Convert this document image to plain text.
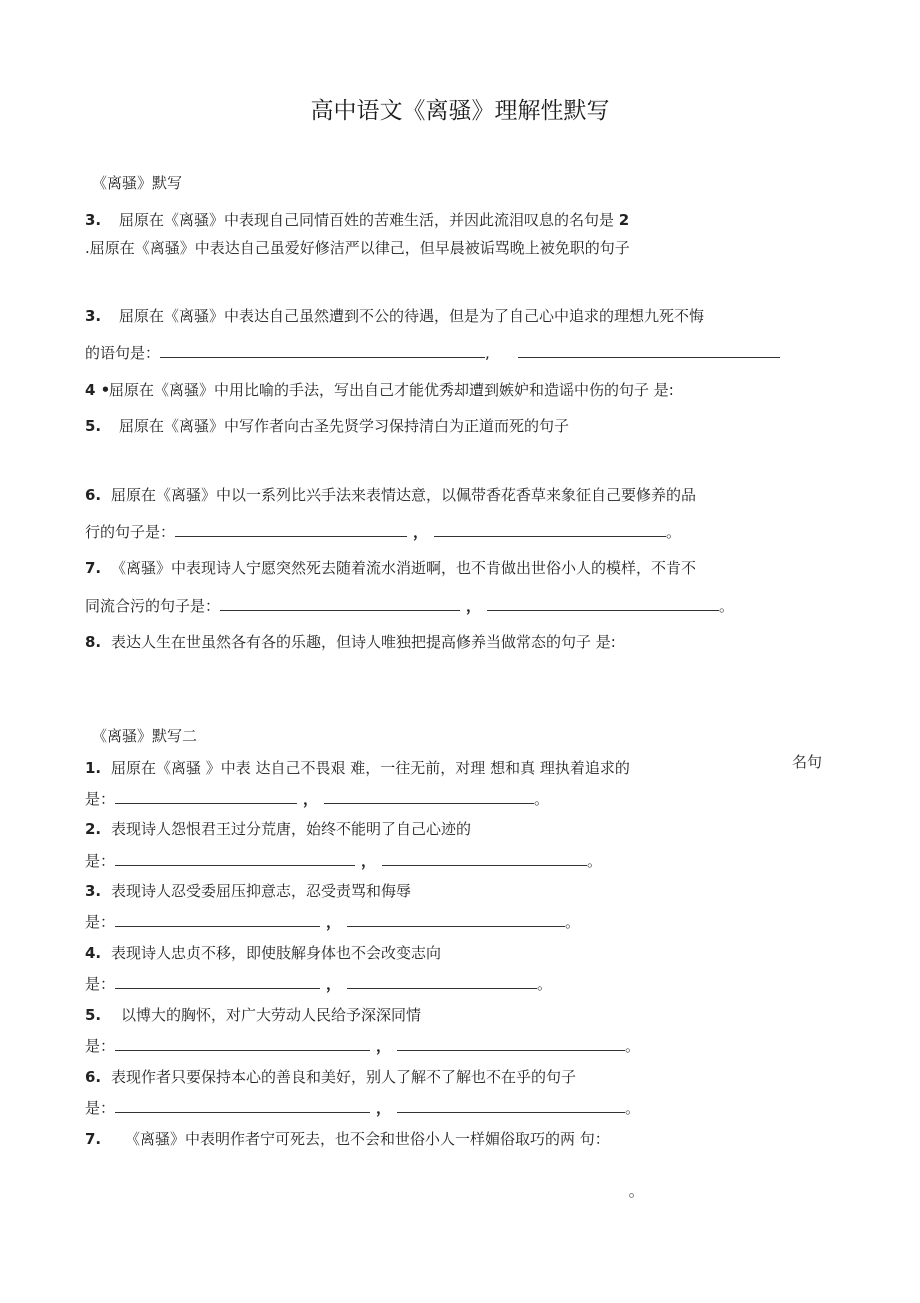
高中语文《离骚》理解性默写
《离骚》默写
3. 屈原在《离骚》中表现自己同情百姓的苦难生活，并因此流泪叹息的名句是 2
.屈原在《离骚》中表达自己虽爱好修洁严以律己，但早晨被诟骂晚上被免职的句子
3. 屈原在《离骚》中表达自己虽然遭到不公的待遇，但是为了自己心中追求的理想九死不悔
的语句是：	,
4 •屈原在《离骚》中用比喻的手法，写出自己才能优秀却遭到嫉妒和造谣中伤的句子 是:
5. 屈原在《离骚》中写作者向古圣先贤学习保持清白为正道而死的句子
6. 屈原在《离骚》中以一系列比兴手法来表情达意，以佩带香花香草来象征自己要修养的品
行的句子是：	，	。
7. 《离骚》中表现诗人宁愿突然死去随着流水消逝啊，也不肯做出世俗小人的模样，不肯不
同流合污的句子是：	，	。
8. 表达人生在世虽然各有各的乐趣，但诗人唯独把提高修养当做常态的句子 是:
《离骚》默写二
名句
1. 屈原在《离骚 》中表 达自己不畏艰 难，一往无前，对理 想和真 理执着追求的
是：	，	。
2. 表现诗人怨恨君王过分荒唐，始终不能明了自己心迹的
是：	，	。
3. 表现诗人忍受委屈压抑意志，忍受责骂和侮辱
是：	，	。
4. 表现诗人忠贞不移，即使肢解身体也不会改变志向
是：	，	。
5. 以博大的胸怀，对广大劳动人民给予深深同情
是：	，	。
6. 表现作者只要保持本心的善良和美好，别人了解不了解也不在乎的句子
是：	，	。
7. 《离骚》中表明作者宁可死去，也不会和世俗小人一样媚俗取巧的两 句：
